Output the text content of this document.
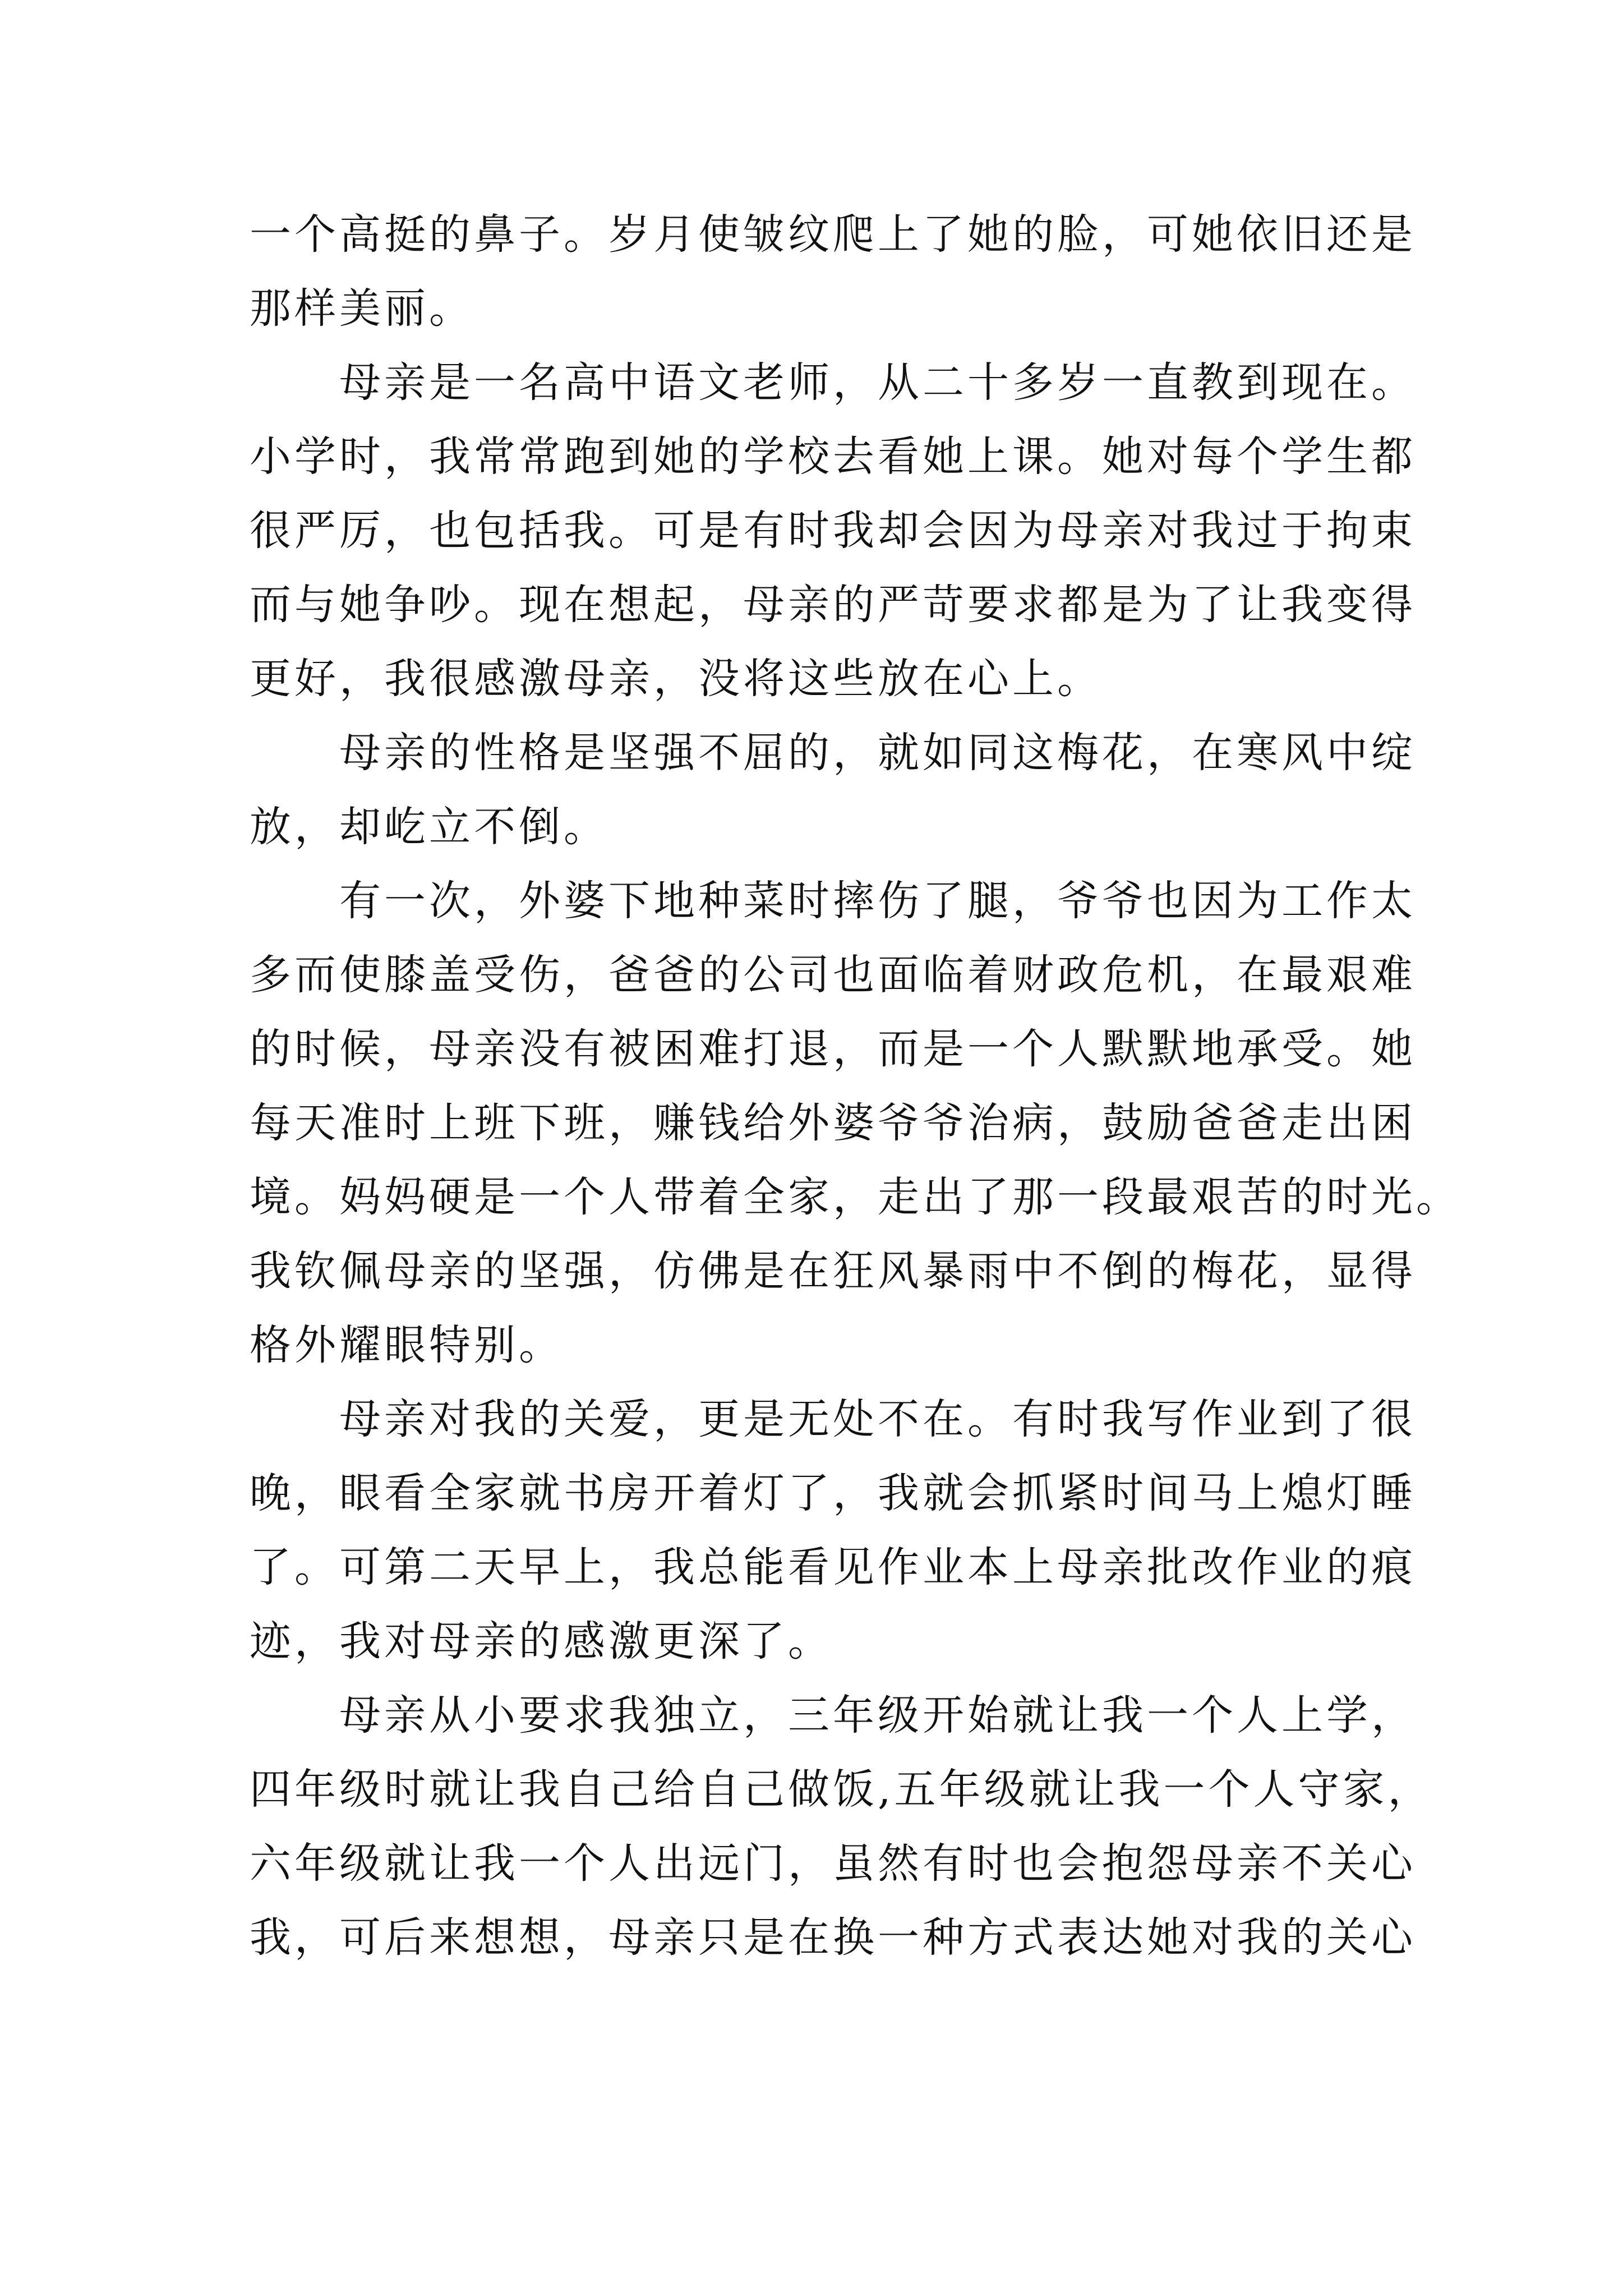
一个高挺的鼻子。岁月使皱纹爬上了她的脸，可她依旧还是
那样美丽。
母亲是一名高中语文老师，从二十多岁一直教到现在。
小学时，我常常跑到她的学校去看她上课。她对每个学生都
很严厉，也包括我。可是有时我却会因为母亲对我过于拘束
而与她争吵。现在想起，母亲的严苛要求都是为了让我变得
更好，我很感激母亲，没将这些放在心上。
母亲的性格是坚强不屈的，就如同这梅花，在寒风中绽
放，却屹立不倒。
有一次，外婆下地种菜时摔伤了腿，爷爷也因为工作太
多而使膝盖受伤，爸爸的公司也面临着财政危机，在最艰难
的时候，母亲没有被困难打退，而是一个人默默地承受。她
每天准时上班下班，赚钱给外婆爷爷治病，鼓励爸爸走出困
境。妈妈硬是一个人带着全家，走出了那一段最艰苦的时光。
我钦佩母亲的坚强，仿佛是在狂风暴雨中不倒的梅花，显得
格外耀眼特别。
母亲对我的关爱，更是无处不在。有时我写作业到了很
晚，眼看全家就书房开着灯了，我就会抓紧时间马上熄灯睡
了。可第二天早上，我总能看见作业本上母亲批改作业的痕
迹，我对母亲的感激更深了。
母亲从小要求我独立，三年级开始就让我一个人上学，
四年级时就让我自己给自己做饭,五年级就让我一个人守家，
六年级就让我一个人出远门，虽然有时也会抱怨母亲不关心
我，可后来想想，母亲只是在换一种方式表达她对我的关心
